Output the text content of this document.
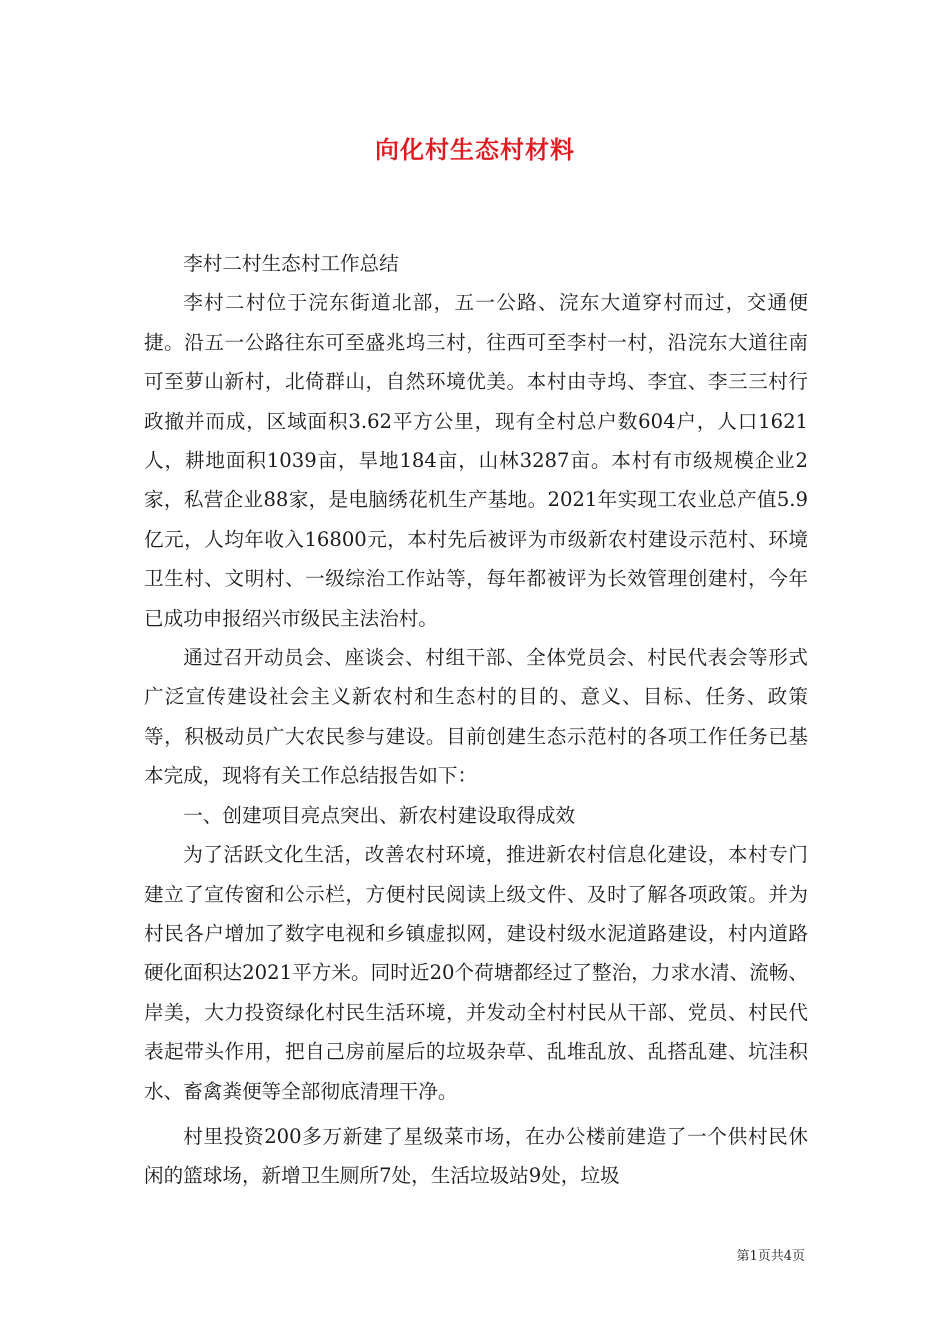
向化村生态村材料

李村二村生态村工作总结

李村二村位于浣东街道北部，五一公路、浣东大道穿村而过，交通便捷。沿五一公路往东可至盛兆坞三村，往西可至李村一村，沿浣东大道往南可至萝山新村，北倚群山，自然环境优美。本村由寺坞、李宜、李三三村行政撤并而成，区域面积3.62平方公里，现有全村总户数604户，人口1621人，耕地面积1039亩，旱地184亩，山林3287亩。本村有市级规模企业2家，私营企业88家，是电脑绣花机生产基地。2021年实现工农业总产值5.9亿元，人均年收入16800元，本村先后被评为市级新农村建设示范村、环境卫生村、文明村、一级综治工作站等，每年都被评为长效管理创建村，今年已成功申报绍兴市级民主法治村。

通过召开动员会、座谈会、村组干部、全体党员会、村民代表会等形式广泛宣传建设社会主义新农村和生态村的目的、意义、目标、任务、政策等，积极动员广大农民参与建设。目前创建生态示范村的各项工作任务已基本完成，现将有关工作总结报告如下：

一、创建项目亮点突出、新农村建设取得成效

为了活跃文化生活，改善农村环境，推进新农村信息化建设，本村专门建立了宣传窗和公示栏，方便村民阅读上级文件、及时了解各项政策。并为村民各户增加了数字电视和乡镇虚拟网，建设村级水泥道路建设，村内道路硬化面积达2021平方米。同时近20个荷塘都经过了整治，力求水清、流畅、岸美，大力投资绿化村民生活环境，并发动全村村民从干部、党员、村民代表起带头作用，把自己房前屋后的垃圾杂草、乱堆乱放、乱搭乱建、坑洼积水、畜禽粪便等全部彻底清理干净。

村里投资200多万新建了星级菜市场，在办公楼前建造了一个供村民休闲的篮球场，新增卫生厕所7处，生活垃圾站9处，垃圾

第1页共4页
